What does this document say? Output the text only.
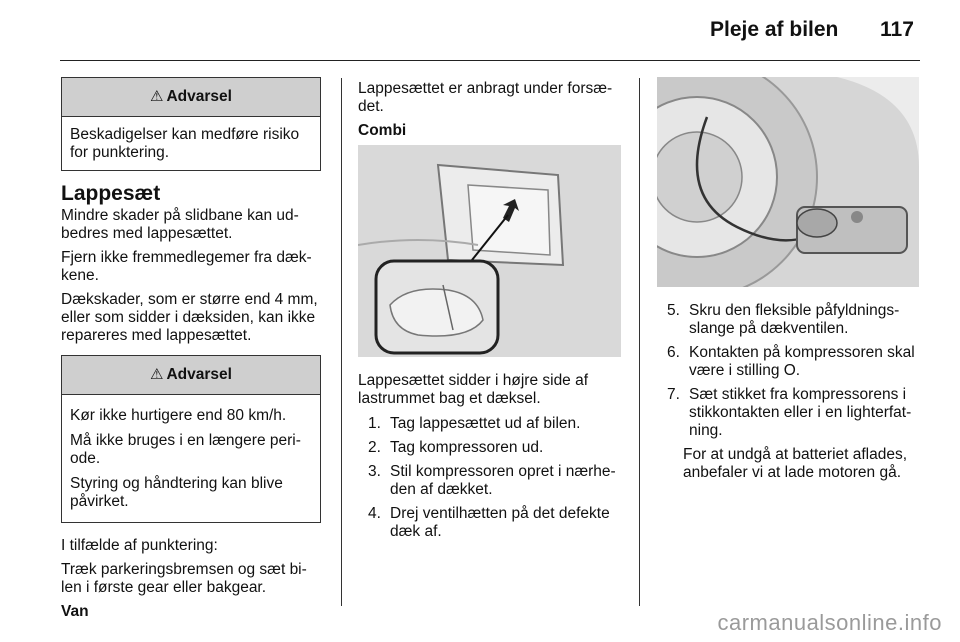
Pleje af bilen 117
⚠ Advarsel

Beskadigelser kan medføre risiko for punktering.

Lappesæt

Mindre skader på slidbane kan ud-bedres med lappesættet.

Fjern ikke fremmedlegemer fra dæk-kene.

Dækskader, som er større end 4 mm, eller som sidder i dæksiden, kan ikke repareres med lappesættet.

⚠ Advarsel

Kør ikke hurtigere end 80 km/h.

Må ikke bruges i en længere peri-ode.

Styring og håndtering kan blive påvirket.

I tilfælde af punktering:

Træk parkeringsbremsen og sæt bi-len i første gear eller bakgear.

Van

Lappesættet er anbragt under forsæ-det.

Combi

Lappesættet sidder i højre side af lastrummet bag et dæksel.

1. Tag lappesættet ud af bilen.
2. Tag kompressoren ud.
3. Stil kompressoren opret i nærhe-den af dækket.
4. Drej ventilhætten på det defekte dæk af.
5. Skru den fleksible påfyldnings-slange på dækventilen.
6. Kontakten på kompressoren skal være i stilling O.
7. Sæt stikket fra kompressorens i stikkontakten eller i en lighterfat-ning.

For at undgå at batteriet aflades, anbefaler vi at lade motoren gå.

carmanualsonline.info
